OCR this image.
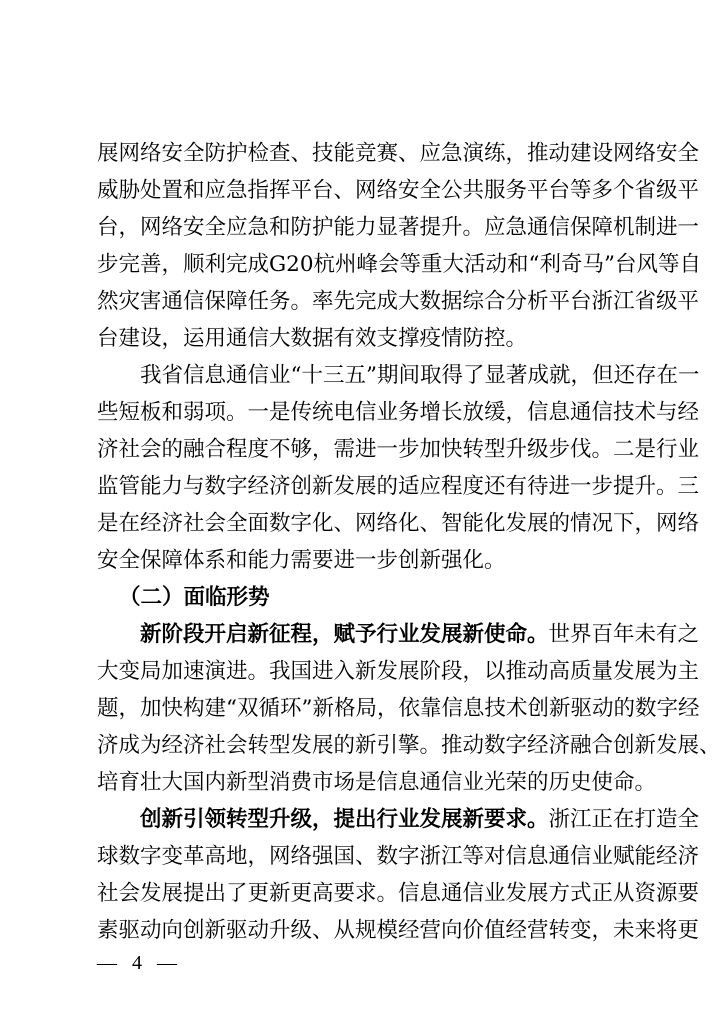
展网络安全防护检查、技能竞赛、应急演练，推动建设网络安全
威胁处置和应急指挥平台、网络安全公共服务平台等多个省级平
台，网络安全应急和防护能力显著提升。应急通信保障机制进一
步完善，顺利完成G20杭州峰会等重大活动和“利奇马”台风等自
然灾害通信保障任务。率先完成大数据综合分析平台浙江省级平
台建设，运用通信大数据有效支撑疫情防控。
我省信息通信业“十三五”期间取得了显著成就，但还存在一
些短板和弱项。一是传统电信业务增长放缓，信息通信技术与经
济社会的融合程度不够，需进一步加快转型升级步伐。二是行业
监管能力与数字经济创新发展的适应程度还有待进一步提升。三
是在经济社会全面数字化、网络化、智能化发展的情况下，网络
安全保障体系和能力需要进一步创新强化。
（二）面临形势
新阶段开启新征程，赋予行业发展新使命。世界百年未有之
大变局加速演进。我国进入新发展阶段，以推动高质量发展为主
题，加快构建“双循环”新格局，依靠信息技术创新驱动的数字经
济成为经济社会转型发展的新引擎。推动数字经济融合创新发展、
培育壮大国内新型消费市场是信息通信业光荣的历史使命。
创新引领转型升级，提出行业发展新要求。浙江正在打造全
球数字变革高地，网络强国、数字浙江等对信息通信业赋能经济
社会发展提出了更新更高要求。信息通信业发展方式正从资源要
素驱动向创新驱动升级、从规模经营向价值经营转变，未来将更
—   4   —
